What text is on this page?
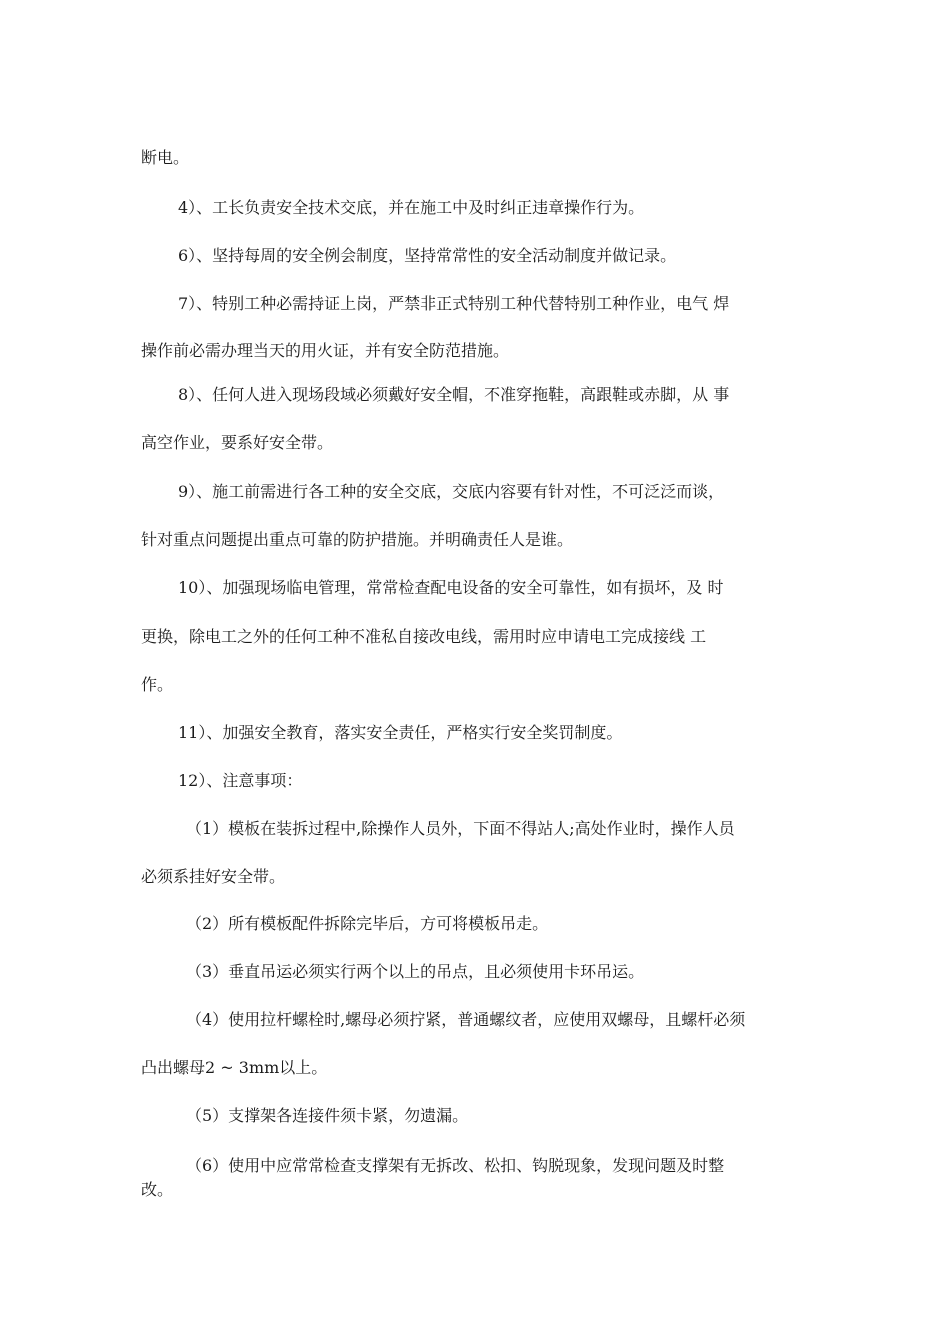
断电。
4）、工长负责安全技术交底，并在施工中及时纠正违章操作行为。
6）、坚持每周的安全例会制度，坚持常常性的安全活动制度并做记录。
7）、特别工种必需持证上岗，严禁非正式特别工种代替特别工种作业，电气 焊
操作前必需办理当天的用火证，并有安全防范措施。
8）、任何人进入现场段域必须戴好安全帽，不准穿拖鞋，高跟鞋或赤脚，从 事
高空作业，要系好安全带。
9）、施工前需进行各工种的安全交底，交底内容要有针对性，不可泛泛而谈，
针对重点问题提出重点可靠的防护措施。并明确责任人是谁。
10）、加强现场临电管理，常常检查配电设备的安全可靠性，如有损坏，及 时
更换，除电工之外的任何工种不准私自接改电线，需用时应申请电工完成接线 工
作。
11）、加强安全教育，落实安全责任，严格实行安全奖罚制度。
12）、注意事项：
（1）模板在装拆过程中,除操作人员外，下面不得站人;高处作业时，操作人员
必须系挂好安全带。
（2）所有模板配件拆除完毕后，方可将模板吊走。
（3）垂直吊运必须实行两个以上的吊点，且必须使用卡环吊运。
（4）使用拉杆螺栓时,螺母必须拧紧，普通螺纹者，应使用双螺母，且螺杆必须
凸出螺母2 ~ 3mm以上。
（5）支撑架各连接件须卡紧，勿遗漏。
（6）使用中应常常检查支撑架有无拆改、松扣、钩脱现象，发现问题及时整
改。
